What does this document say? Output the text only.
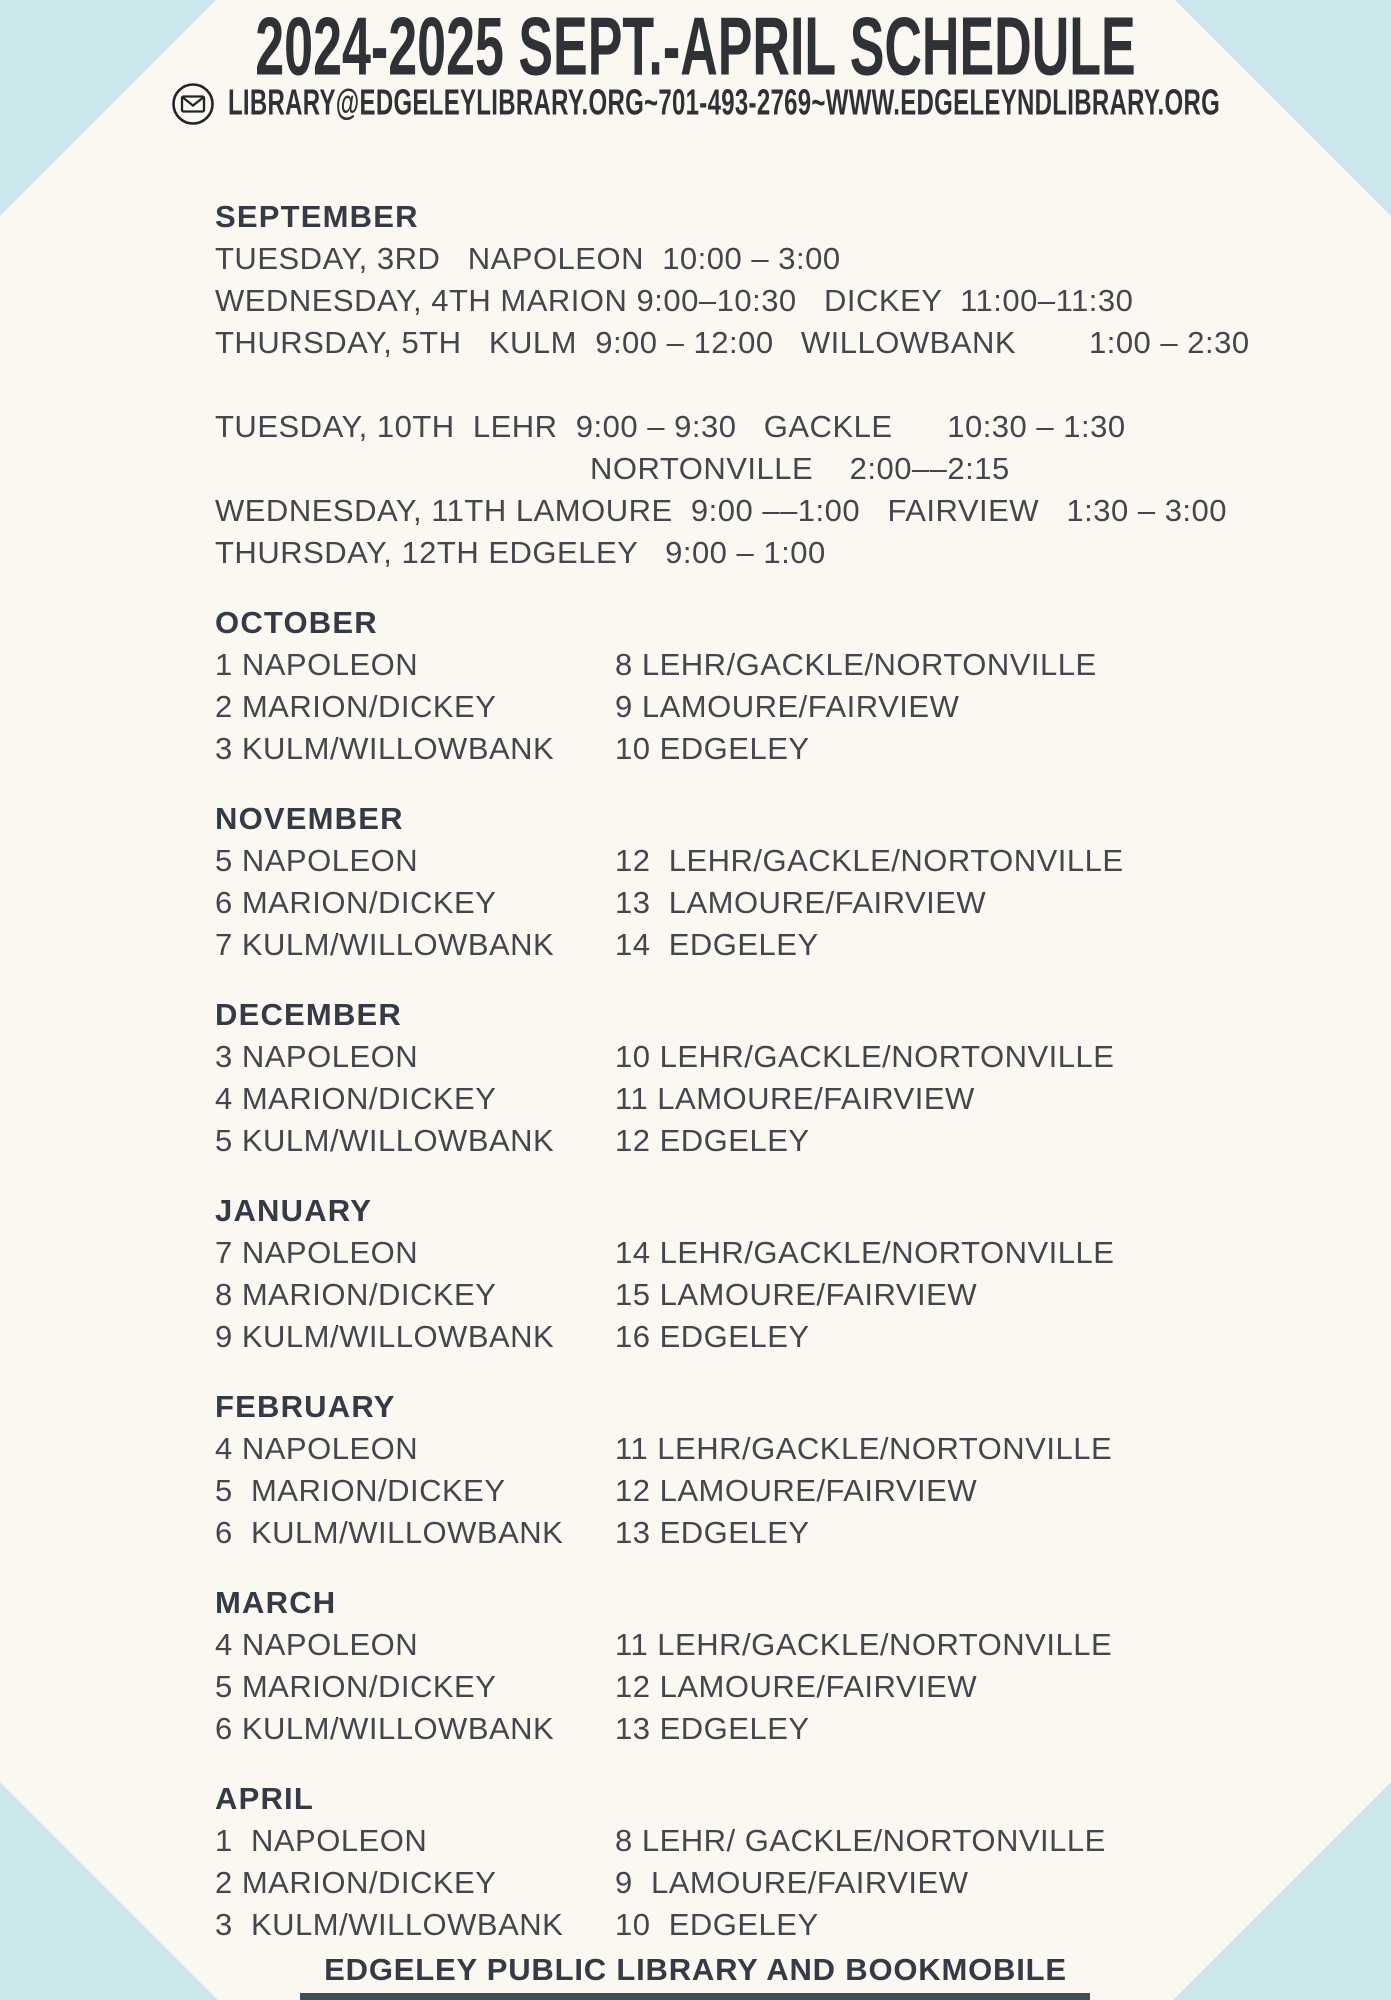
2024-2025 SEPT.-APRIL SCHEDULE
LIBRARY@EDGELEYLIBRARY.ORG~701-493-2769~WWW.EDGELEYNDLIBRARY.ORG
SEPTEMBER
TUESDAY, 3RD   NAPOLEON  10:00 – 3:00
WEDNESDAY, 4TH MARION 9:00–10:30   DICKEY  11:00–11:30
THURSDAY, 5TH   KULM  9:00 – 12:00   WILLOWBANK        1:00 – 2:30

TUESDAY, 10TH  LEHR  9:00 – 9:30   GACKLE      10:30 – 1:30
NORTONVILLE    2:00––2:15
WEDNESDAY, 11TH LAMOURE  9:00 ––1:00   FAIRVIEW   1:30 – 3:00
THURSDAY, 12TH EDGELEY   9:00 – 1:00
OCTOBER
1 NAPOLEON	8 LEHR/GACKLE/NORTONVILLE
2 MARION/DICKEY	9 LAMOURE/FAIRVIEW
3 KULM/WILLOWBANK	10 EDGELEY
NOVEMBER
5 NAPOLEON	12  LEHR/GACKLE/NORTONVILLE
6 MARION/DICKEY	13  LAMOURE/FAIRVIEW
7 KULM/WILLOWBANK	14  EDGELEY
DECEMBER
3 NAPOLEON	10 LEHR/GACKLE/NORTONVILLE
4 MARION/DICKEY	11 LAMOURE/FAIRVIEW
5 KULM/WILLOWBANK	12 EDGELEY
JANUARY
7 NAPOLEON	14 LEHR/GACKLE/NORTONVILLE
8 MARION/DICKEY	15 LAMOURE/FAIRVIEW
9 KULM/WILLOWBANK	16 EDGELEY
FEBRUARY
4 NAPOLEON	11 LEHR/GACKLE/NORTONVILLE
5  MARION/DICKEY	12 LAMOURE/FAIRVIEW
6  KULM/WILLOWBANK	13 EDGELEY
MARCH
4 NAPOLEON	11 LEHR/GACKLE/NORTONVILLE
5 MARION/DICKEY	12 LAMOURE/FAIRVIEW
6 KULM/WILLOWBANK	13 EDGELEY
APRIL
1  NAPOLEON	8 LEHR/ GACKLE/NORTONVILLE
2 MARION/DICKEY	9  LAMOURE/FAIRVIEW
3  KULM/WILLOWBANK	10  EDGELEY
EDGELEY PUBLIC LIBRARY AND BOOKMOBILE
